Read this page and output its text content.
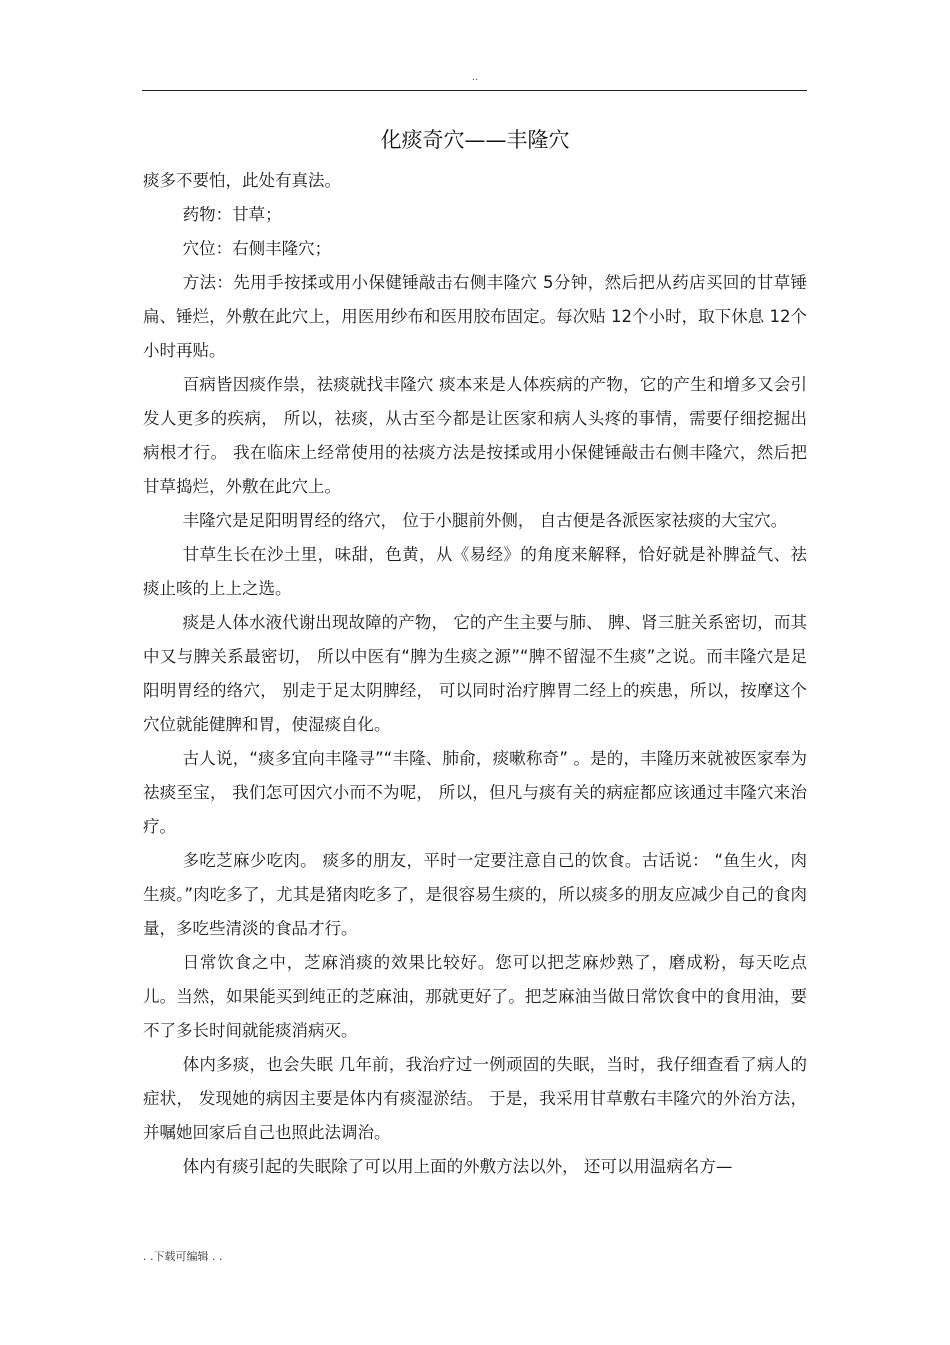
..
化痰奇穴——丰隆穴

痰多不要怕，此处有真法。

药物：甘草；

穴位：右侧丰隆穴；

方法：先用手按揉或用小保健锤敲击右侧丰隆穴 5分钟，然后把从药店买回的甘草锤扁、锤烂，外敷在此穴上，用医用纱布和医用胶布固定。每次贴 12个小时，取下休息 12个小时再贴。

百病皆因痰作祟，祛痰就找丰隆穴 痰本来是人体疾病的产物，它的产生和增多又会引发人更多的疾病， 所以，祛痰，从古至今都是让医家和病人头疼的事情，需要仔细挖掘出病根才行。 我在临床上经常使用的祛痰方法是按揉或用小保健锤敲击右侧丰隆穴，然后把甘草捣烂，外敷在此穴上。

丰隆穴是足阳明胃经的络穴， 位于小腿前外侧， 自古便是各派医家祛痰的大宝穴。

甘草生长在沙土里，味甜，色黄，从《易经》的角度来解释，恰好就是补脾益气、祛痰止咳的上上之选。

痰是人体水液代谢出现故障的产物， 它的产生主要与肺、 脾、肾三脏关系密切，而其中又与脾关系最密切， 所以中医有“脾为生痰之源”“脾不留湿不生痰”之说。而丰隆穴是足阳明胃经的络穴， 别走于足太阴脾经， 可以同时治疗脾胃二经上的疾患，所以，按摩这个穴位就能健脾和胃，使湿痰自化。

古人说，“痰多宜向丰隆寻”“丰隆、肺俞，痰嗽称奇” 。是的，丰隆历来就被医家奉为祛痰至宝， 我们怎可因穴小而不为呢， 所以，但凡与痰有关的病症都应该通过丰隆穴来治疗。

多吃芝麻少吃肉。 痰多的朋友，平时一定要注意自己的饮食。古话说： “鱼生火，肉生痰。”肉吃多了，尤其是猪肉吃多了，是很容易生痰的，所以痰多的朋友应减少自己的食肉量，多吃些清淡的食品才行。

日常饮食之中，芝麻消痰的效果比较好。您可以把芝麻炒熟了，磨成粉，每天吃点儿。当然，如果能买到纯正的芝麻油，那就更好了。把芝麻油当做日常饮食中的食用油，要不了多长时间就能痰消病灭。

体内多痰，也会失眠 几年前，我治疗过一例顽固的失眠，当时，我仔细查看了病人的症状， 发现她的病因主要是体内有痰湿淤结。 于是，我采用甘草敷右丰隆穴的外治方法，并嘱她回家后自己也照此法调治。

体内有痰引起的失眠除了可以用上面的外敷方法以外， 还可以用温病名方—

. .下载可编辑 . .
